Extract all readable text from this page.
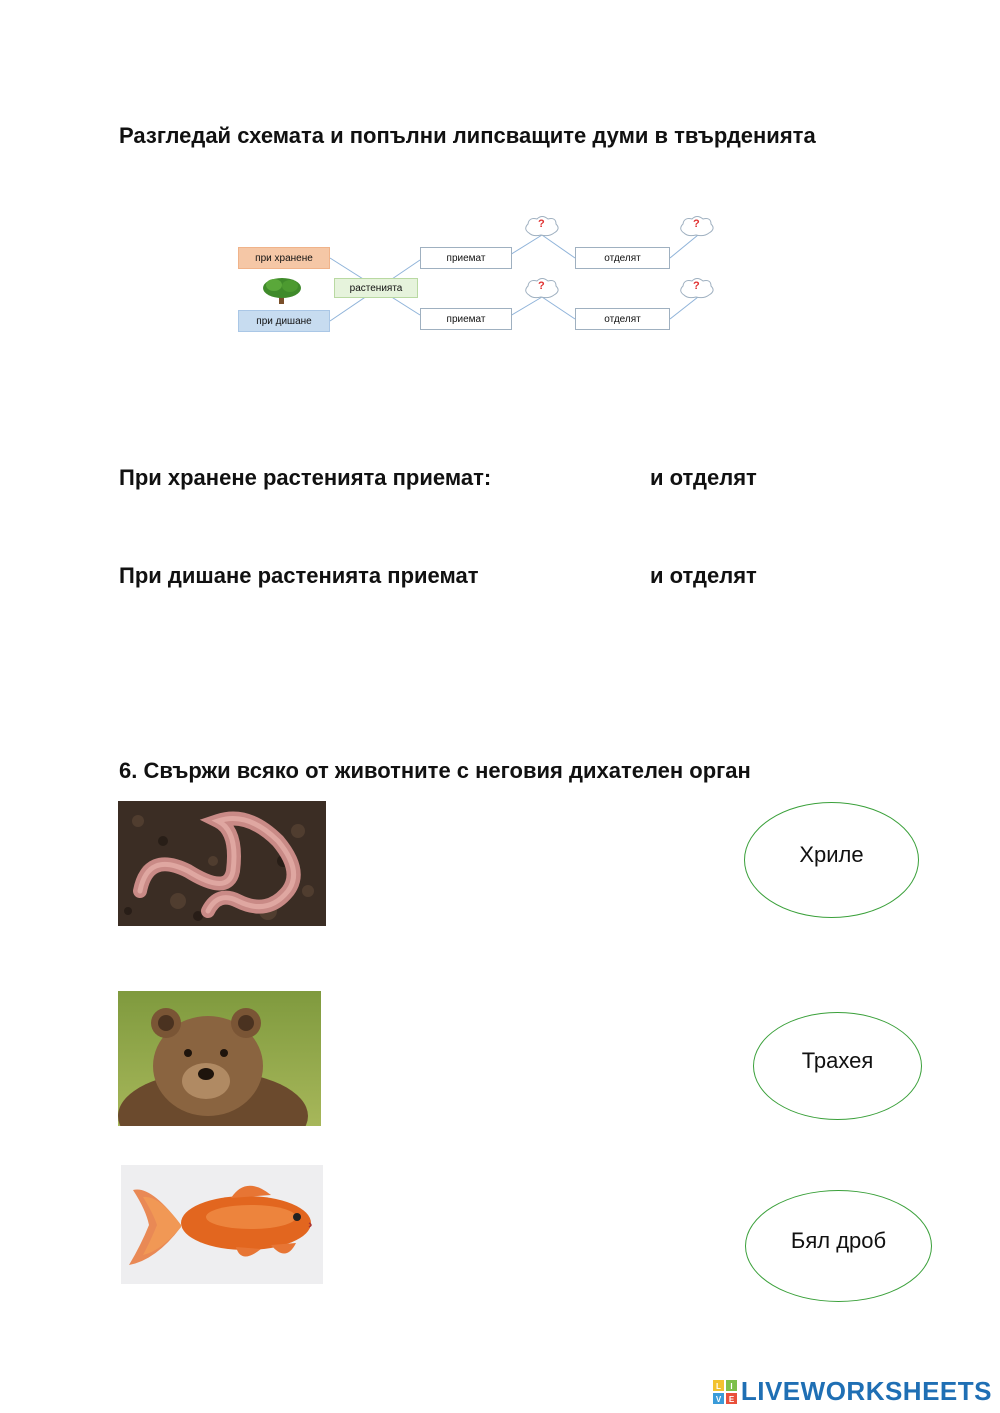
Разгледай схемата и попълни липсващите думи в твърденията
при хранене
растенията
при дишане
приемат
приемат
отделят
отделят
?	?
?	?
При хранене растенията приемат:	и отделят
При дишане растенията приемат	и отделят
6. Свържи всяко от животните с неговия дихателен орган
Хриле
Трахея
Бял дроб
L I
V E LIVEWORKSHEETS
